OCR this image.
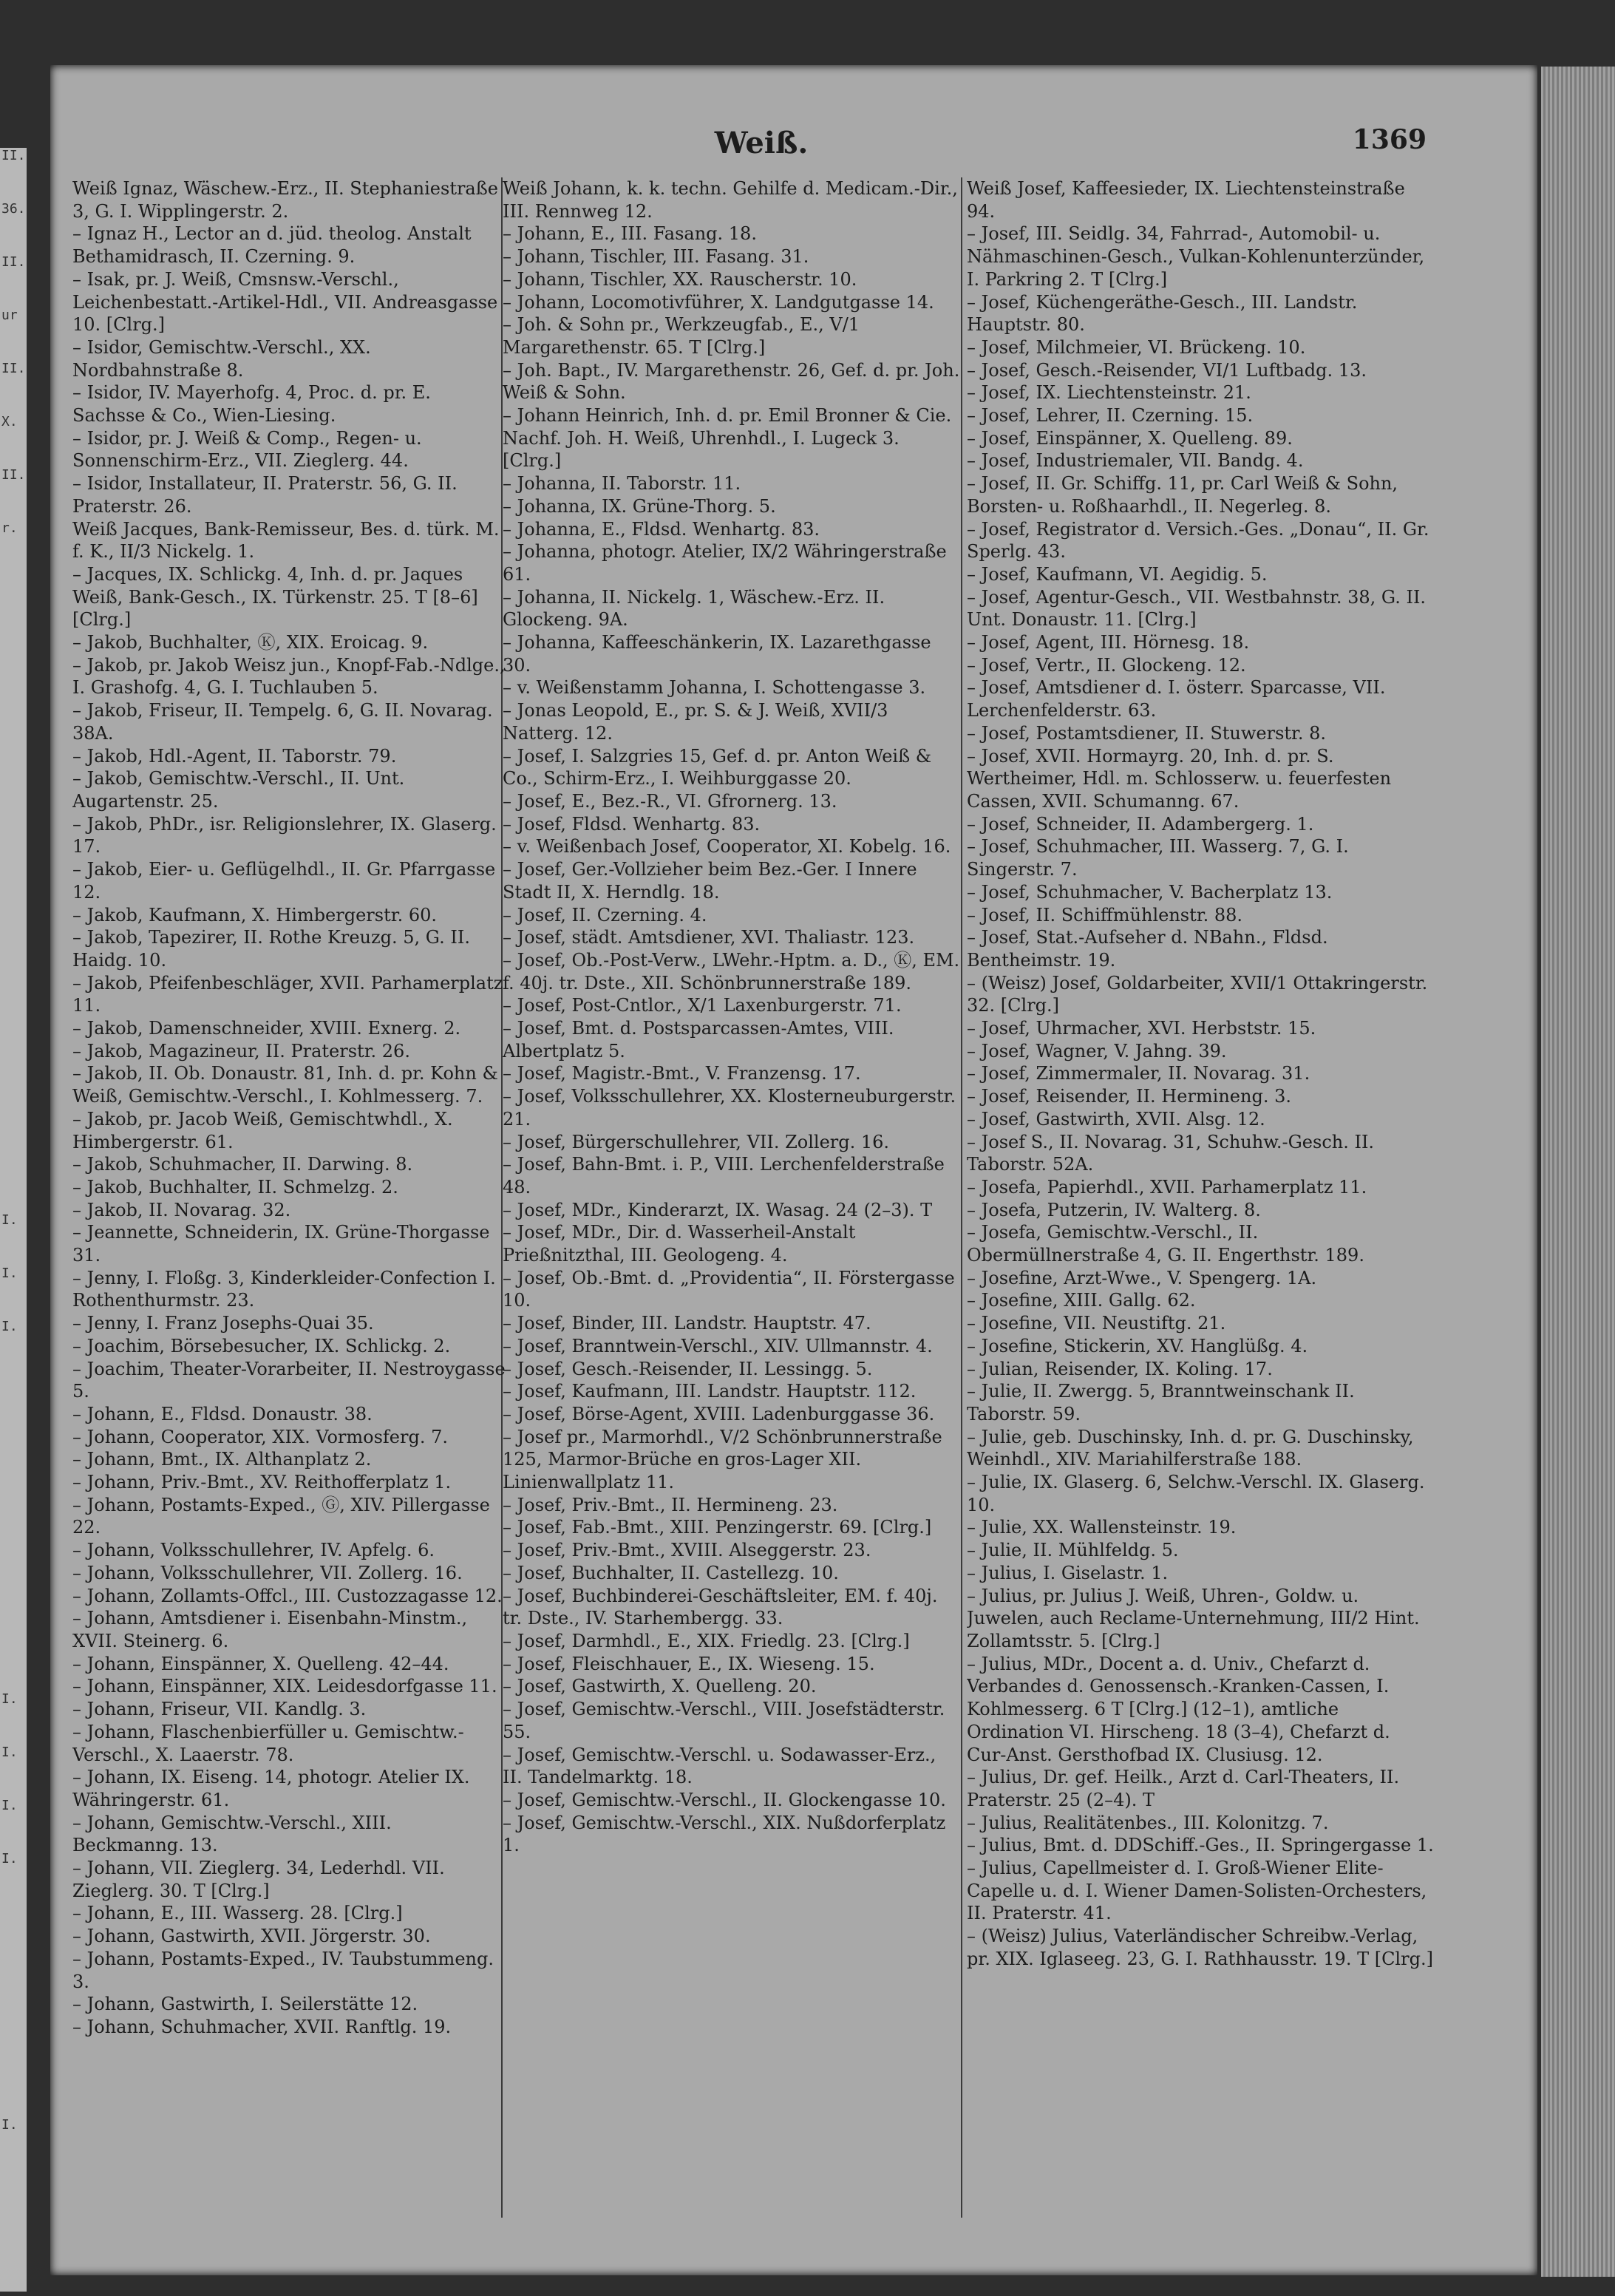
II.
36.
II.
ur
II.
X.
II.
r.
I.
I.
I.
I.
I.
I.
I.
I.
Weiß.	1369

Weiß Ignaz, Wäschew.-Erz., II. Stephaniestraße 3, G. I. Wipplingerstr. 2.

– Ignaz H., Lector an d. jüd. theolog. Anstalt Bethamidrasch, II. Czerning. 9.

– Isak, pr. J. Weiß, Cmsnsw.-Verschl., Leichenbestatt.-Artikel-Hdl., VII. Andreasgasse 10. [Clrg.]

– Isidor, Gemischtw.-Verschl., XX. Nordbahnstraße 8.

– Isidor, IV. Mayerhofg. 4, Proc. d. pr. E. Sachsse & Co., Wien-Liesing.

– Isidor, pr. J. Weiß & Comp., Regen- u. Sonnenschirm-Erz., VII. Zieglerg. 44.

– Isidor, Installateur, II. Praterstr. 56, G. II. Praterstr. 26.

Weiß Jacques, Bank-Remisseur, Bes. d. türk. M. f. K., II/3 Nickelg. 1.

– Jacques, IX. Schlickg. 4, Inh. d. pr. Jaques Weiß, Bank-Gesch., IX. Türkenstr. 25. T [8–6] [Clrg.]

– Jakob, Buchhalter, Ⓚ, XIX. Eroicag. 9.

– Jakob, pr. Jakob Weisz jun., Knopf-Fab.-Ndlge., I. Grashofg. 4, G. I. Tuchlauben 5.

– Jakob, Friseur, II. Tempelg. 6, G. II. Novarag. 38A.

– Jakob, Hdl.-Agent, II. Taborstr. 79.

– Jakob, Gemischtw.-Verschl., II. Unt. Augartenstr. 25.

– Jakob, PhDr., isr. Religionslehrer, IX. Glaserg. 17.

– Jakob, Eier- u. Geflügelhdl., II. Gr. Pfarrgasse 12.

– Jakob, Kaufmann, X. Himbergerstr. 60.

– Jakob, Tapezirer, II. Rothe Kreuzg. 5, G. II. Haidg. 10.

– Jakob, Pfeifenbeschläger, XVII. Parhamerplatz 11.

– Jakob, Damenschneider, XVIII. Exnerg. 2.

– Jakob, Magazineur, II. Praterstr. 26.

– Jakob, II. Ob. Donaustr. 81, Inh. d. pr. Kohn & Weiß, Gemischtw.-Verschl., I. Kohlmesserg. 7.

– Jakob, pr. Jacob Weiß, Gemischtwhdl., X. Himbergerstr. 61.

– Jakob, Schuhmacher, II. Darwing. 8.

– Jakob, Buchhalter, II. Schmelzg. 2.

– Jakob, II. Novarag. 32.

– Jeannette, Schneiderin, IX. Grüne-Thorgasse 31.

– Jenny, I. Floßg. 3, Kinderkleider-Confection I. Rothenthurmstr. 23.

– Jenny, I. Franz Josephs-Quai 35.

– Joachim, Börsebesucher, IX. Schlickg. 2.

– Joachim, Theater-Vorarbeiter, II. Nestroygasse 5.

– Johann, E., Fldsd. Donaustr. 38.

– Johann, Cooperator, XIX. Vormosferg. 7.

– Johann, Bmt., IX. Althanplatz 2.

– Johann, Priv.-Bmt., XV. Reithofferplatz 1.

– Johann, Postamts-Exped., Ⓖ, XIV. Pillergasse 22.

– Johann, Volksschullehrer, IV. Apfelg. 6.

– Johann, Volksschullehrer, VII. Zollerg. 16.

– Johann, Zollamts-Offcl., III. Custozzagasse 12.

– Johann, Amtsdiener i. Eisenbahn-Minstm., XVII. Steinerg. 6.

– Johann, Einspänner, X. Quelleng. 42–44.

– Johann, Einspänner, XIX. Leidesdorfgasse 11.

– Johann, Friseur, VII. Kandlg. 3.

– Johann, Flaschenbierfüller u. Gemischtw.-Verschl., X. Laaerstr. 78.

– Johann, IX. Eiseng. 14, photogr. Atelier IX. Währingerstr. 61.

– Johann, Gemischtw.-Verschl., XIII. Beckmanng. 13.

– Johann, VII. Zieglerg. 34, Lederhdl. VII. Zieglerg. 30. T [Clrg.]

– Johann, E., III. Wasserg. 28. [Clrg.]

– Johann, Gastwirth, XVII. Jörgerstr. 30.

– Johann, Postamts-Exped., IV. Taubstummeng. 3.

– Johann, Gastwirth, I. Seilerstätte 12.

– Johann, Schuhmacher, XVII. Ranftlg. 19.

Weiß Johann, k. k. techn. Gehilfe d. Medicam.-Dir., III. Rennweg 12.

– Johann, E., III. Fasang. 18.

– Johann, Tischler, III. Fasang. 31.

– Johann, Tischler, XX. Rauscherstr. 10.

– Johann, Locomotivführer, X. Landgutgasse 14.

– Joh. & Sohn pr., Werkzeugfab., E., V/1 Margarethenstr. 65. T [Clrg.]

– Joh. Bapt., IV. Margarethenstr. 26, Gef. d. pr. Joh. Weiß & Sohn.

– Johann Heinrich, Inh. d. pr. Emil Bronner & Cie. Nachf. Joh. H. Weiß, Uhrenhdl., I. Lugeck 3. [Clrg.]

– Johanna, II. Taborstr. 11.

– Johanna, IX. Grüne-Thorg. 5.

– Johanna, E., Fldsd. Wenhartg. 83.

– Johanna, photogr. Atelier, IX/2 Währingerstraße 61.

– Johanna, II. Nickelg. 1, Wäschew.-Erz. II. Glockeng. 9A.

– Johanna, Kaffeeschänkerin, IX. Lazarethgasse 30.

– v. Weißenstamm Johanna, I. Schottengasse 3.

– Jonas Leopold, E., pr. S. & J. Weiß, XVII/3 Natterg. 12.

– Josef, I. Salzgries 15, Gef. d. pr. Anton Weiß & Co., Schirm-Erz., I. Weihburggasse 20.

– Josef, E., Bez.-R., VI. Gfrornerg. 13.

– Josef, Fldsd. Wenhartg. 83.

– v. Weißenbach Josef, Cooperator, XI. Kobelg. 16.

– Josef, Ger.-Vollzieher beim Bez.-Ger. I Innere Stadt II, X. Herndlg. 18.

– Josef, II. Czerning. 4.

– Josef, städt. Amtsdiener, XVI. Thaliastr. 123.

– Josef, Ob.-Post-Verw., LWehr.-Hptm. a. D., Ⓚ, EM. f. 40j. tr. Dste., XII. Schönbrunnerstraße 189.

– Josef, Post-Cntlor., X/1 Laxenburgerstr. 71.

– Josef, Bmt. d. Postsparcassen-Amtes, VIII. Albertplatz 5.

– Josef, Magistr.-Bmt., V. Franzensg. 17.

– Josef, Volksschullehrer, XX. Klosterneuburgerstr. 21.

– Josef, Bürgerschullehrer, VII. Zollerg. 16.

– Josef, Bahn-Bmt. i. P., VIII. Lerchenfelderstraße 48.

– Josef, MDr., Kinderarzt, IX. Wasag. 24 (2–3). T

– Josef, MDr., Dir. d. Wasserheil-Anstalt Prießnitzthal, III. Geologeng. 4.

– Josef, Ob.-Bmt. d. „Providentia“, II. Förstergasse 10.

– Josef, Binder, III. Landstr. Hauptstr. 47.

– Josef, Branntwein-Verschl., XIV. Ullmannstr. 4.

– Josef, Gesch.-Reisender, II. Lessingg. 5.

– Josef, Kaufmann, III. Landstr. Hauptstr. 112.

– Josef, Börse-Agent, XVIII. Ladenburggasse 36.

– Josef pr., Marmorhdl., V/2 Schönbrunnerstraße 125, Marmor-Brüche en gros-Lager XII. Linienwallplatz 11.

– Josef, Priv.-Bmt., II. Hermineng. 23.

– Josef, Fab.-Bmt., XIII. Penzingerstr. 69. [Clrg.]

– Josef, Priv.-Bmt., XVIII. Alseggerstr. 23.

– Josef, Buchhalter, II. Castellezg. 10.

– Josef, Buchbinderei-Geschäftsleiter, EM. f. 40j. tr. Dste., IV. Starhembergg. 33.

– Josef, Darmhdl., E., XIX. Friedlg. 23. [Clrg.]

– Josef, Fleischhauer, E., IX. Wieseng. 15.

– Josef, Gastwirth, X. Quelleng. 20.

– Josef, Gemischtw.-Verschl., VIII. Josefstädterstr. 55.

– Josef, Gemischtw.-Verschl. u. Sodawasser-Erz., II. Tandelmarktg. 18.

– Josef, Gemischtw.-Verschl., II. Glockengasse 10.

– Josef, Gemischtw.-Verschl., XIX. Nußdorferplatz 1.

Weiß Josef, Kaffeesieder, IX. Liechtensteinstraße 94.

– Josef, III. Seidlg. 34, Fahrrad-, Automobil- u. Nähmaschinen-Gesch., Vulkan-Kohlenunterzünder, I. Parkring 2. T [Clrg.]

– Josef, Küchengeräthe-Gesch., III. Landstr. Hauptstr. 80.

– Josef, Milchmeier, VI. Brückeng. 10.

– Josef, Gesch.-Reisender, VI/1 Luftbadg. 13.

– Josef, IX. Liechtensteinstr. 21.

– Josef, Lehrer, II. Czerning. 15.

– Josef, Einspänner, X. Quelleng. 89.

– Josef, Industriemaler, VII. Bandg. 4.

– Josef, II. Gr. Schiffg. 11, pr. Carl Weiß & Sohn, Borsten- u. Roßhaarhdl., II. Negerleg. 8.

– Josef, Registrator d. Versich.-Ges. „Donau“, II. Gr. Sperlg. 43.

– Josef, Kaufmann, VI. Aegidig. 5.

– Josef, Agentur-Gesch., VII. Westbahnstr. 38, G. II. Unt. Donaustr. 11. [Clrg.]

– Josef, Agent, III. Hörnesg. 18.

– Josef, Vertr., II. Glockeng. 12.

– Josef, Amtsdiener d. I. österr. Sparcasse, VII. Lerchenfelderstr. 63.

– Josef, Postamtsdiener, II. Stuwerstr. 8.

– Josef, XVII. Hormayrg. 20, Inh. d. pr. S. Wertheimer, Hdl. m. Schlosserw. u. feuerfesten Cassen, XVII. Schumanng. 67.

– Josef, Schneider, II. Adambergerg. 1.

– Josef, Schuhmacher, III. Wasserg. 7, G. I. Singerstr. 7.

– Josef, Schuhmacher, V. Bacherplatz 13.

– Josef, II. Schiffmühlenstr. 88.

– Josef, Stat.-Aufseher d. NBahn., Fldsd. Bentheimstr. 19.

– (Weisz) Josef, Goldarbeiter, XVII/1 Ottakringerstr. 32. [Clrg.]

– Josef, Uhrmacher, XVI. Herbststr. 15.

– Josef, Wagner, V. Jahng. 39.

– Josef, Zimmermaler, II. Novarag. 31.

– Josef, Reisender, II. Hermineng. 3.

– Josef, Gastwirth, XVII. Alsg. 12.

– Josef S., II. Novarag. 31, Schuhw.-Gesch. II. Taborstr. 52A.

– Josefa, Papierhdl., XVII. Parhamerplatz 11.

– Josefa, Putzerin, IV. Walterg. 8.

– Josefa, Gemischtw.-Verschl., II. Obermüllnerstraße 4, G. II. Engerthstr. 189.

– Josefine, Arzt-Wwe., V. Spengerg. 1A.

– Josefine, XIII. Gallg. 62.

– Josefine, VII. Neustiftg. 21.

– Josefine, Stickerin, XV. Hanglüßg. 4.

– Julian, Reisender, IX. Koling. 17.

– Julie, II. Zwergg. 5, Branntweinschank II. Taborstr. 59.

– Julie, geb. Duschinsky, Inh. d. pr. G. Duschinsky, Weinhdl., XIV. Mariahilferstraße 188.

– Julie, IX. Glaserg. 6, Selchw.-Verschl. IX. Glaserg. 10.

– Julie, XX. Wallensteinstr. 19.

– Julie, II. Mühlfeldg. 5.

– Julius, I. Giselastr. 1.

– Julius, pr. Julius J. Weiß, Uhren-, Goldw. u. Juwelen, auch Reclame-Unternehmung, III/2 Hint. Zollamtsstr. 5. [Clrg.]

– Julius, MDr., Docent a. d. Univ., Chefarzt d. Verbandes d. Genossensch.-Kranken-Cassen, I. Kohlmesserg. 6 T [Clrg.] (12–1), amtliche Ordination VI. Hirscheng. 18 (3–4), Chefarzt d. Cur-Anst. Gersthofbad IX. Clusiusg. 12.

– Julius, Dr. gef. Heilk., Arzt d. Carl-Theaters, II. Praterstr. 25 (2–4). T

– Julius, Realitätenbes., III. Kolonitzg. 7.

– Julius, Bmt. d. DDSchiff.-Ges., II. Springergasse 1.

– Julius, Capellmeister d. I. Groß-Wiener Elite-Capelle u. d. I. Wiener Damen-Solisten-Orchesters, II. Praterstr. 41.

– (Weisz) Julius, Vaterländischer Schreibw.-Verlag, pr. XIX. Iglaseeg. 23, G. I. Rathhausstr. 19. T [Clrg.]
